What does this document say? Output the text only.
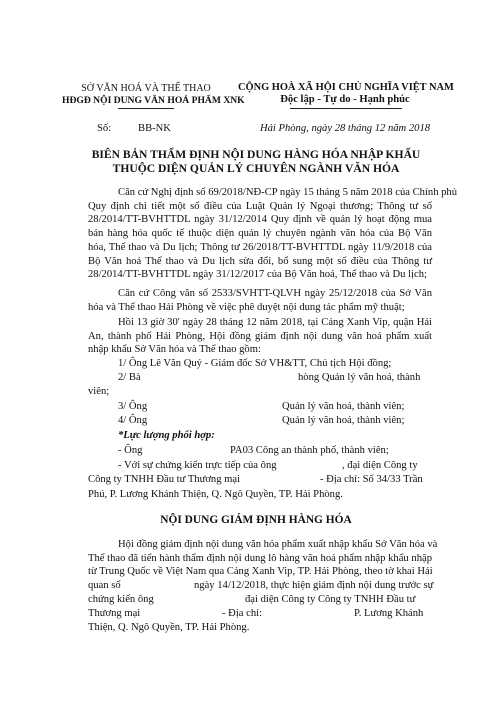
SỞ VĂN HOÁ VÀ THỂ THAO
HĐGĐ NỘI DUNG VĂN HOÁ PHẨM XNK
Số:	BB-NK
CỘNG HOÀ XÃ HỘI CHỦ NGHĨA VIỆT NAM
Độc lập - Tự do - Hạnh phúc
Hải Phòng, ngày 28 tháng 12 năm 2018
BIÊN BẢN THẨM ĐỊNH NỘI DUNG HÀNG HÓA NHẬP KHẨU
THUỘC DIỆN QUẢN LÝ CHUYÊN NGÀNH VĂN HÓA
Căn cứ Nghị định số 69/2018/NĐ-CP ngày 15 tháng 5 năm 2018 của Chính phủ
Quy định chi tiết một số điều của Luật Quản lý Ngoại thương; Thông tư số
28/2014/TT-BVHTTDL ngày 31/12/2014 Quy định về quản lý hoạt động mua
bán hàng hóa quốc tế thuộc diện quản lý chuyên ngành văn hóa của Bộ Văn
hóa, Thể thao và Du lịch; Thông tư 26/2018/TT-BVHTTDL ngày 11/9/2018 của
Bộ Văn hoá Thể thao và Du lịch sửa đổi, bổ sung một số điều của Thông tư
28/2014/TT-BVHTTDL ngày 31/12/2017 của Bộ Văn hoá, Thể thao và Du lịch;
Căn cứ Công văn số 2533/SVHTT-QLVH ngày 25/12/2018 của Sở Văn
hóa và Thể thao Hải Phòng về việc phê duyệt nội dung tác phẩm mỹ thuật;
Hồi 13 giờ 30' ngày 28 tháng 12 năm 2018, tại Cảng Xanh Vip, quận Hải
An, thành phố Hải Phòng, Hội đồng giám định nội dung văn hoá phẩm xuất
nhập khẩu Sở Văn hóa và Thể thao gồm:
1/ Ông Lê Văn Quý - Giám đốc Sở VH&TT, Chủ tịch Hội đồng;
2/ Bà	hòng Quản lý văn hoá, thành
viên;
3/ Ông	Quản lý văn hoá, thành viên;
4/ Ông	Quản lý văn hoá, thành viên;
*Lực lượng phối hợp:
- Ông	PA03 Công an thành phố, thành viên;
- Với sự chứng kiến trực tiếp của ông	, đại diện Công ty
Công ty TNHH Đầu tư Thương mại	- Địa chỉ: Số 34/33 Trần
Phú, P. Lương Khánh Thiện, Q. Ngô Quyền, TP. Hải Phòng.
NỘI DUNG GIÁM ĐỊNH HÀNG HÓA
Hội đồng giám định nội dung văn hóa phẩm xuất nhập khẩu Sở Văn hóa và
Thể thao đã tiến hành thẩm định nội dung lô hàng văn hoá phẩm nhập khẩu nhập
từ Trung Quốc về Việt Nam qua Cảng Xanh Vip, TP. Hải Phòng, theo tờ khai Hải
quan số	ngày 14/12/2018, thực hiện giám định nội dung trước sự
chứng kiến ông	đại diện Công ty Công ty TNHH Đầu tư
Thương mại	- Địa chỉ:	P. Lương Khánh
Thiện, Q. Ngô Quyền, TP. Hải Phòng.
